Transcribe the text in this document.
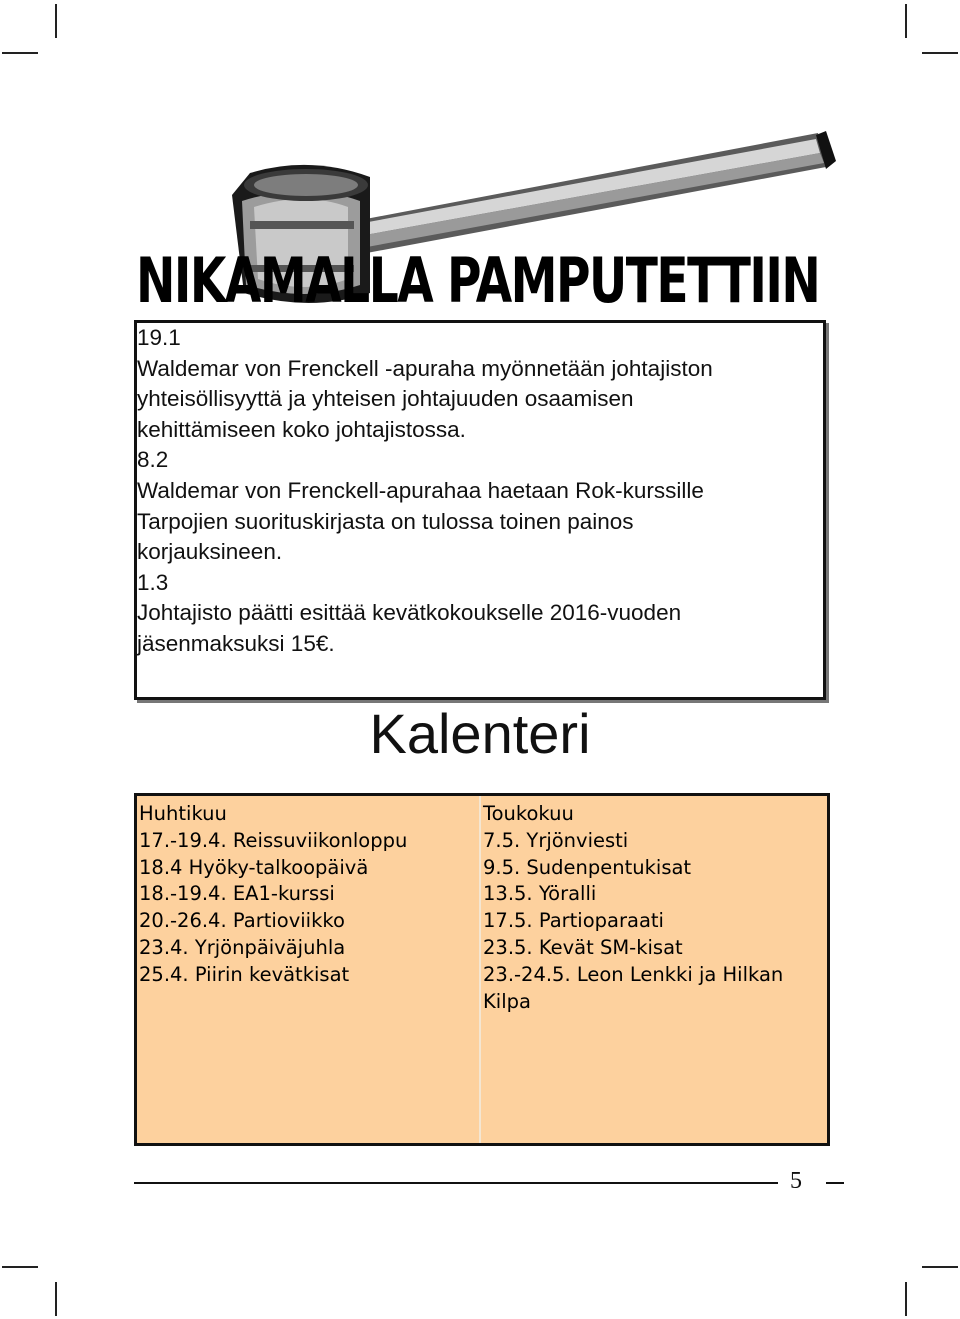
NIKAMALLA PAMPUTETTIIN

19.1

Waldemar von Frenckell -apuraha myönnetään johtajiston

yhteisöllisyyttä ja yhteisen johtajuuden osaamisen

kehittämiseen koko johtajistossa.

8.2

Waldemar von Frenckell-apurahaa haetaan Rok-kurssille

Tarpojien suorituskirjasta on tulossa toinen painos

korjauksineen.

1.3

Johtajisto päätti esittää kevätkokoukselle 2016-vuoden

jäsenmaksuksi 15€.

Kalenteri

Huhtikuu

17.-19.4. Reissuviikonloppu

18.4 Hyöky-talkoopäivä

18.-19.4. EA1-kurssi

20.-26.4. Partioviikko

23.4. Yrjönpäiväjuhla

25.4. Piirin kevätkisat

Toukokuu

7.5. Yrjönviesti

9.5. Sudenpentukisat

13.5. Yöralli

17.5. Partioparaati

23.5. Kevät SM-kisat

23.-24.5. Leon Lenkki ja Hilkan

Kilpa

5
